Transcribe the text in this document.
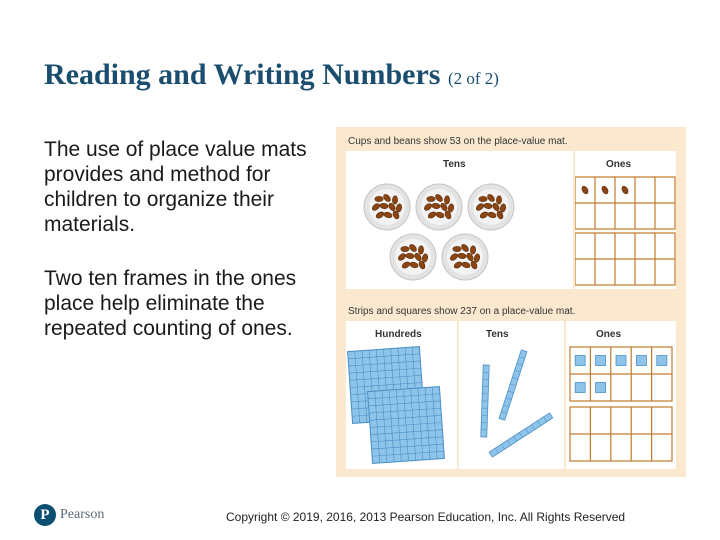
Reading and Writing Numbers (2 of 2)
The use of place value mats provides and method for children to organize their materials.
Two ten frames in the ones place help eliminate the repeated counting of ones.
Cups and beans show 53 on the place-value mat.
Tens	Ones
Strips and squares show 237 on a place-value mat.
Hundreds	Tens	Ones
P Pearson	Copyright © 2019, 2016, 2013 Pearson Education, Inc. All Rights Reserved
